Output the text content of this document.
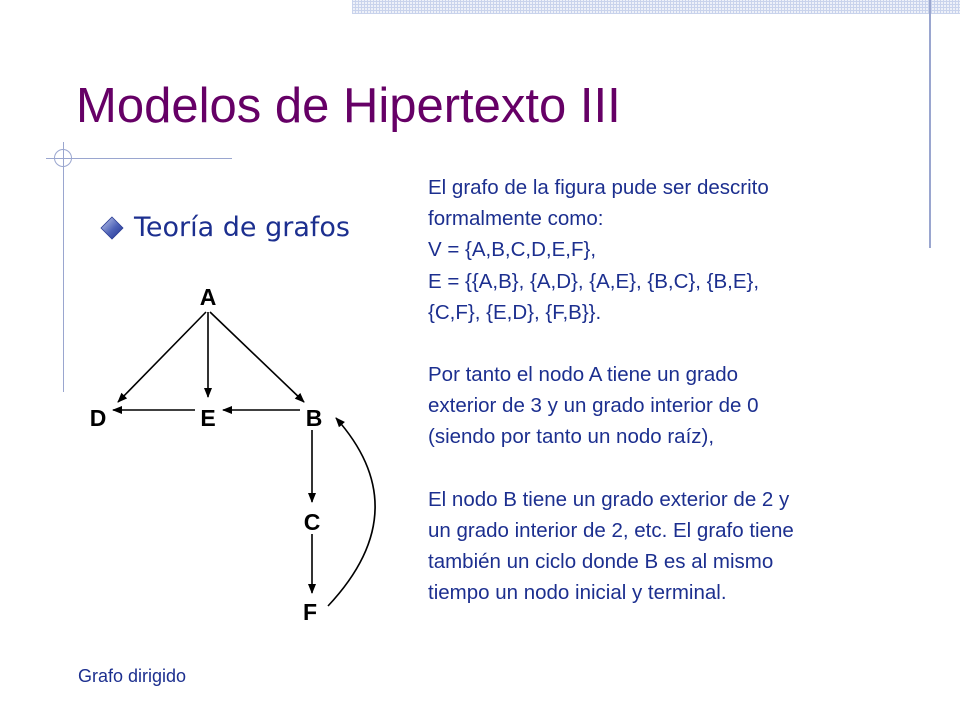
Modelos de Hipertexto III
Teoría de grafos

El grafo de la figura pude ser descrito
formalmente como:
V = {A,B,C,D,E,F},
E = {{A,B}, {A,D}, {A,E}, {B,C}, {B,E},
{C,F}, {E,D}, {F,B}}.

Por tanto el nodo A tiene un grado
exterior de 3 y un grado interior de 0
(siendo por tanto un nodo raíz),

El nodo B tiene un grado exterior de 2 y
un grado interior de 2, etc. El grafo tiene
también un ciclo donde B es al mismo
tiempo un nodo inicial y terminal.

A
B
C
D	E
F
Grafo dirigido
